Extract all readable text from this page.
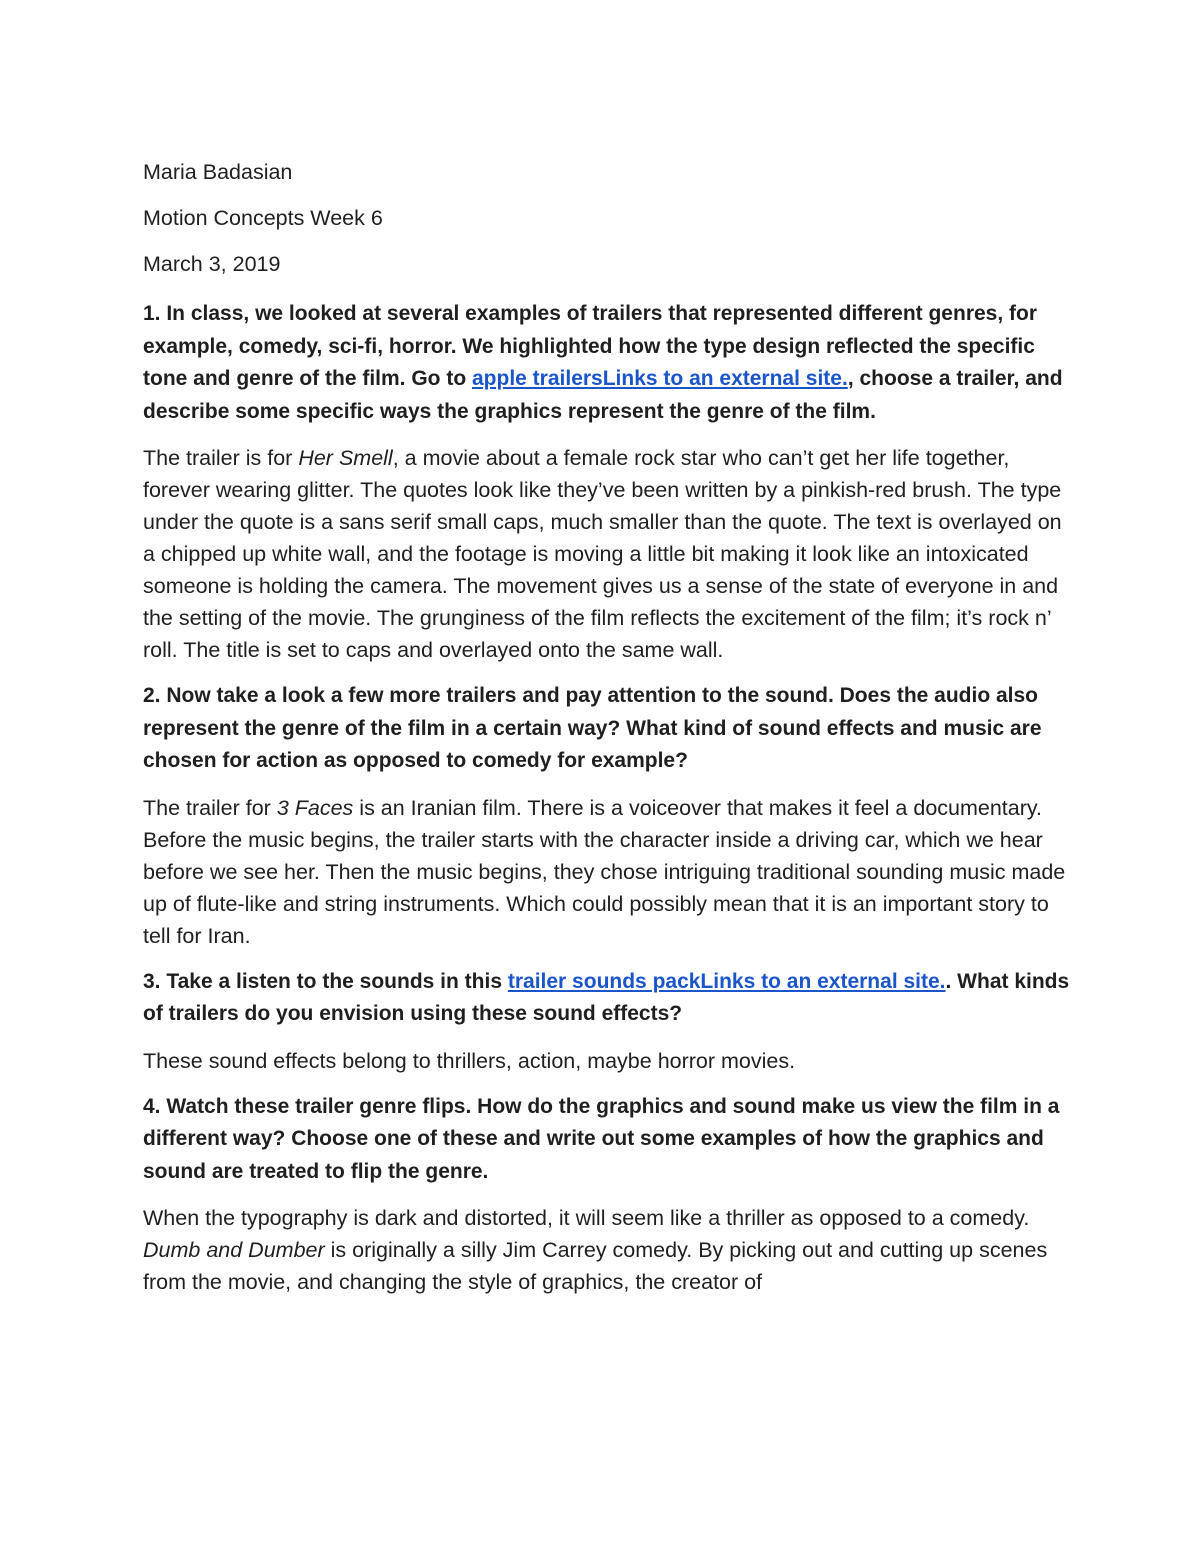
Maria Badasian

Motion Concepts Week 6

March 3, 2019

1. In class, we looked at several examples of trailers that represented different genres, for example, comedy, sci-fi, horror. We highlighted how the type design reflected the specific tone and genre of the film. Go to apple trailersLinks to an external site., choose a trailer, and describe some specific ways the graphics represent the genre of the film.

The trailer is for Her Smell, a movie about a female rock star who can’t get her life together, forever wearing glitter. The quotes look like they’ve been written by a pinkish-red brush. The type under the quote is a sans serif small caps, much smaller than the quote. The text is overlayed on a chipped up white wall, and the footage is moving a little bit making it look like an intoxicated someone is holding the camera. The movement gives us a sense of the state of everyone in and the setting of the movie. The grunginess of the film reflects the excitement of the film; it’s rock n’ roll. The title is set to caps and overlayed onto the same wall.

2. Now take a look a few more trailers and pay attention to the sound. Does the audio also represent the genre of the film in a certain way? What kind of sound effects and music are chosen for action as opposed to comedy for example?

The trailer for 3 Faces is an Iranian film. There is a voiceover that makes it feel a documentary. Before the music begins, the trailer starts with the character inside a driving car, which we hear before we see her. Then the music begins, they chose intriguing traditional sounding music made up of flute-like and string instruments. Which could possibly mean that it is an important story to tell for Iran.

3. Take a listen to the sounds in this trailer sounds packLinks to an external site.. What kinds of trailers do you envision using these sound effects?

These sound effects belong to thrillers, action, maybe horror movies.

4. Watch these trailer genre flips. How do the graphics and sound make us view the film in a different way? Choose one of these and write out some examples of how the graphics and sound are treated to flip the genre.

When the typography is dark and distorted, it will seem like a thriller as opposed to a comedy. Dumb and Dumber is originally a silly Jim Carrey comedy. By picking out and cutting up scenes from the movie, and changing the style of graphics, the creator of
